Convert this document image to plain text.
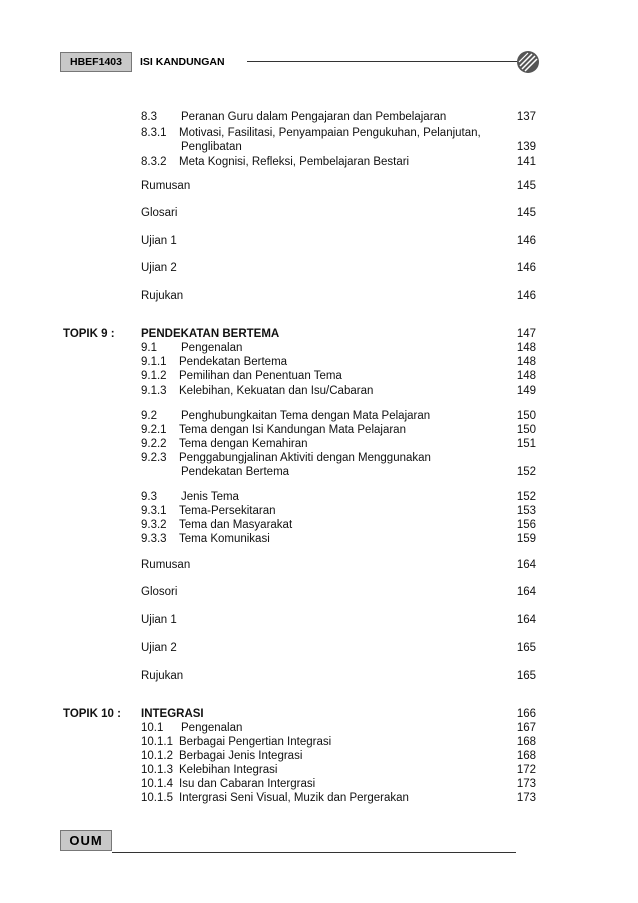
HBEF1403	ISI KANDUNGAN
8.3 Peranan Guru dalam Pengajaran dan Pembelajaran	137
8.3.1 Motivasi, Fasilitasi, Penyampaian Pengukuhan, Pelanjutan,
Penglibatan	139
8.3.2 Meta Kognisi, Refleksi, Pembelajaran Bestari	141
Rumusan	145
Glosari	145
Ujian 1	146
Ujian 2	146
Rujukan	146
TOPIK 9 : PENDEKATAN BERTEMA	147
9.1 Pengenalan	148
9.1.1 Pendekatan Bertema	148
9.1.2 Pemilihan dan Penentuan Tema	148
9.1.3 Kelebihan, Kekuatan dan Isu/Cabaran	149
9.2 Penghubungkaitan Tema dengan Mata Pelajaran	150
9.2.1 Tema dengan Isi Kandungan Mata Pelajaran	150
9.2.2 Tema dengan Kemahiran	151
9.2.3 Penggabungjalinan Aktiviti dengan Menggunakan
Pendekatan Bertema	152
9.3 Jenis Tema	152
9.3.1 Tema-Persekitaran	153
9.3.2 Tema dan Masyarakat	156
9.3.3 Tema Komunikasi	159
Rumusan	164
Glosori	164
Ujian 1	164
Ujian 2	165
Rujukan	165
TOPIK 10 : INTEGRASI	166
10.1 Pengenalan	167
10.1.1 Berbagai Pengertian Integrasi	168
10.1.2 Berbagai Jenis Integrasi	168
10.1.3 Kelebihan Integrasi	172
10.1.4 Isu dan Cabaran Intergrasi	173
10.1.5 Intergrasi Seni Visual, Muzik dan Pergerakan	173
OUM
